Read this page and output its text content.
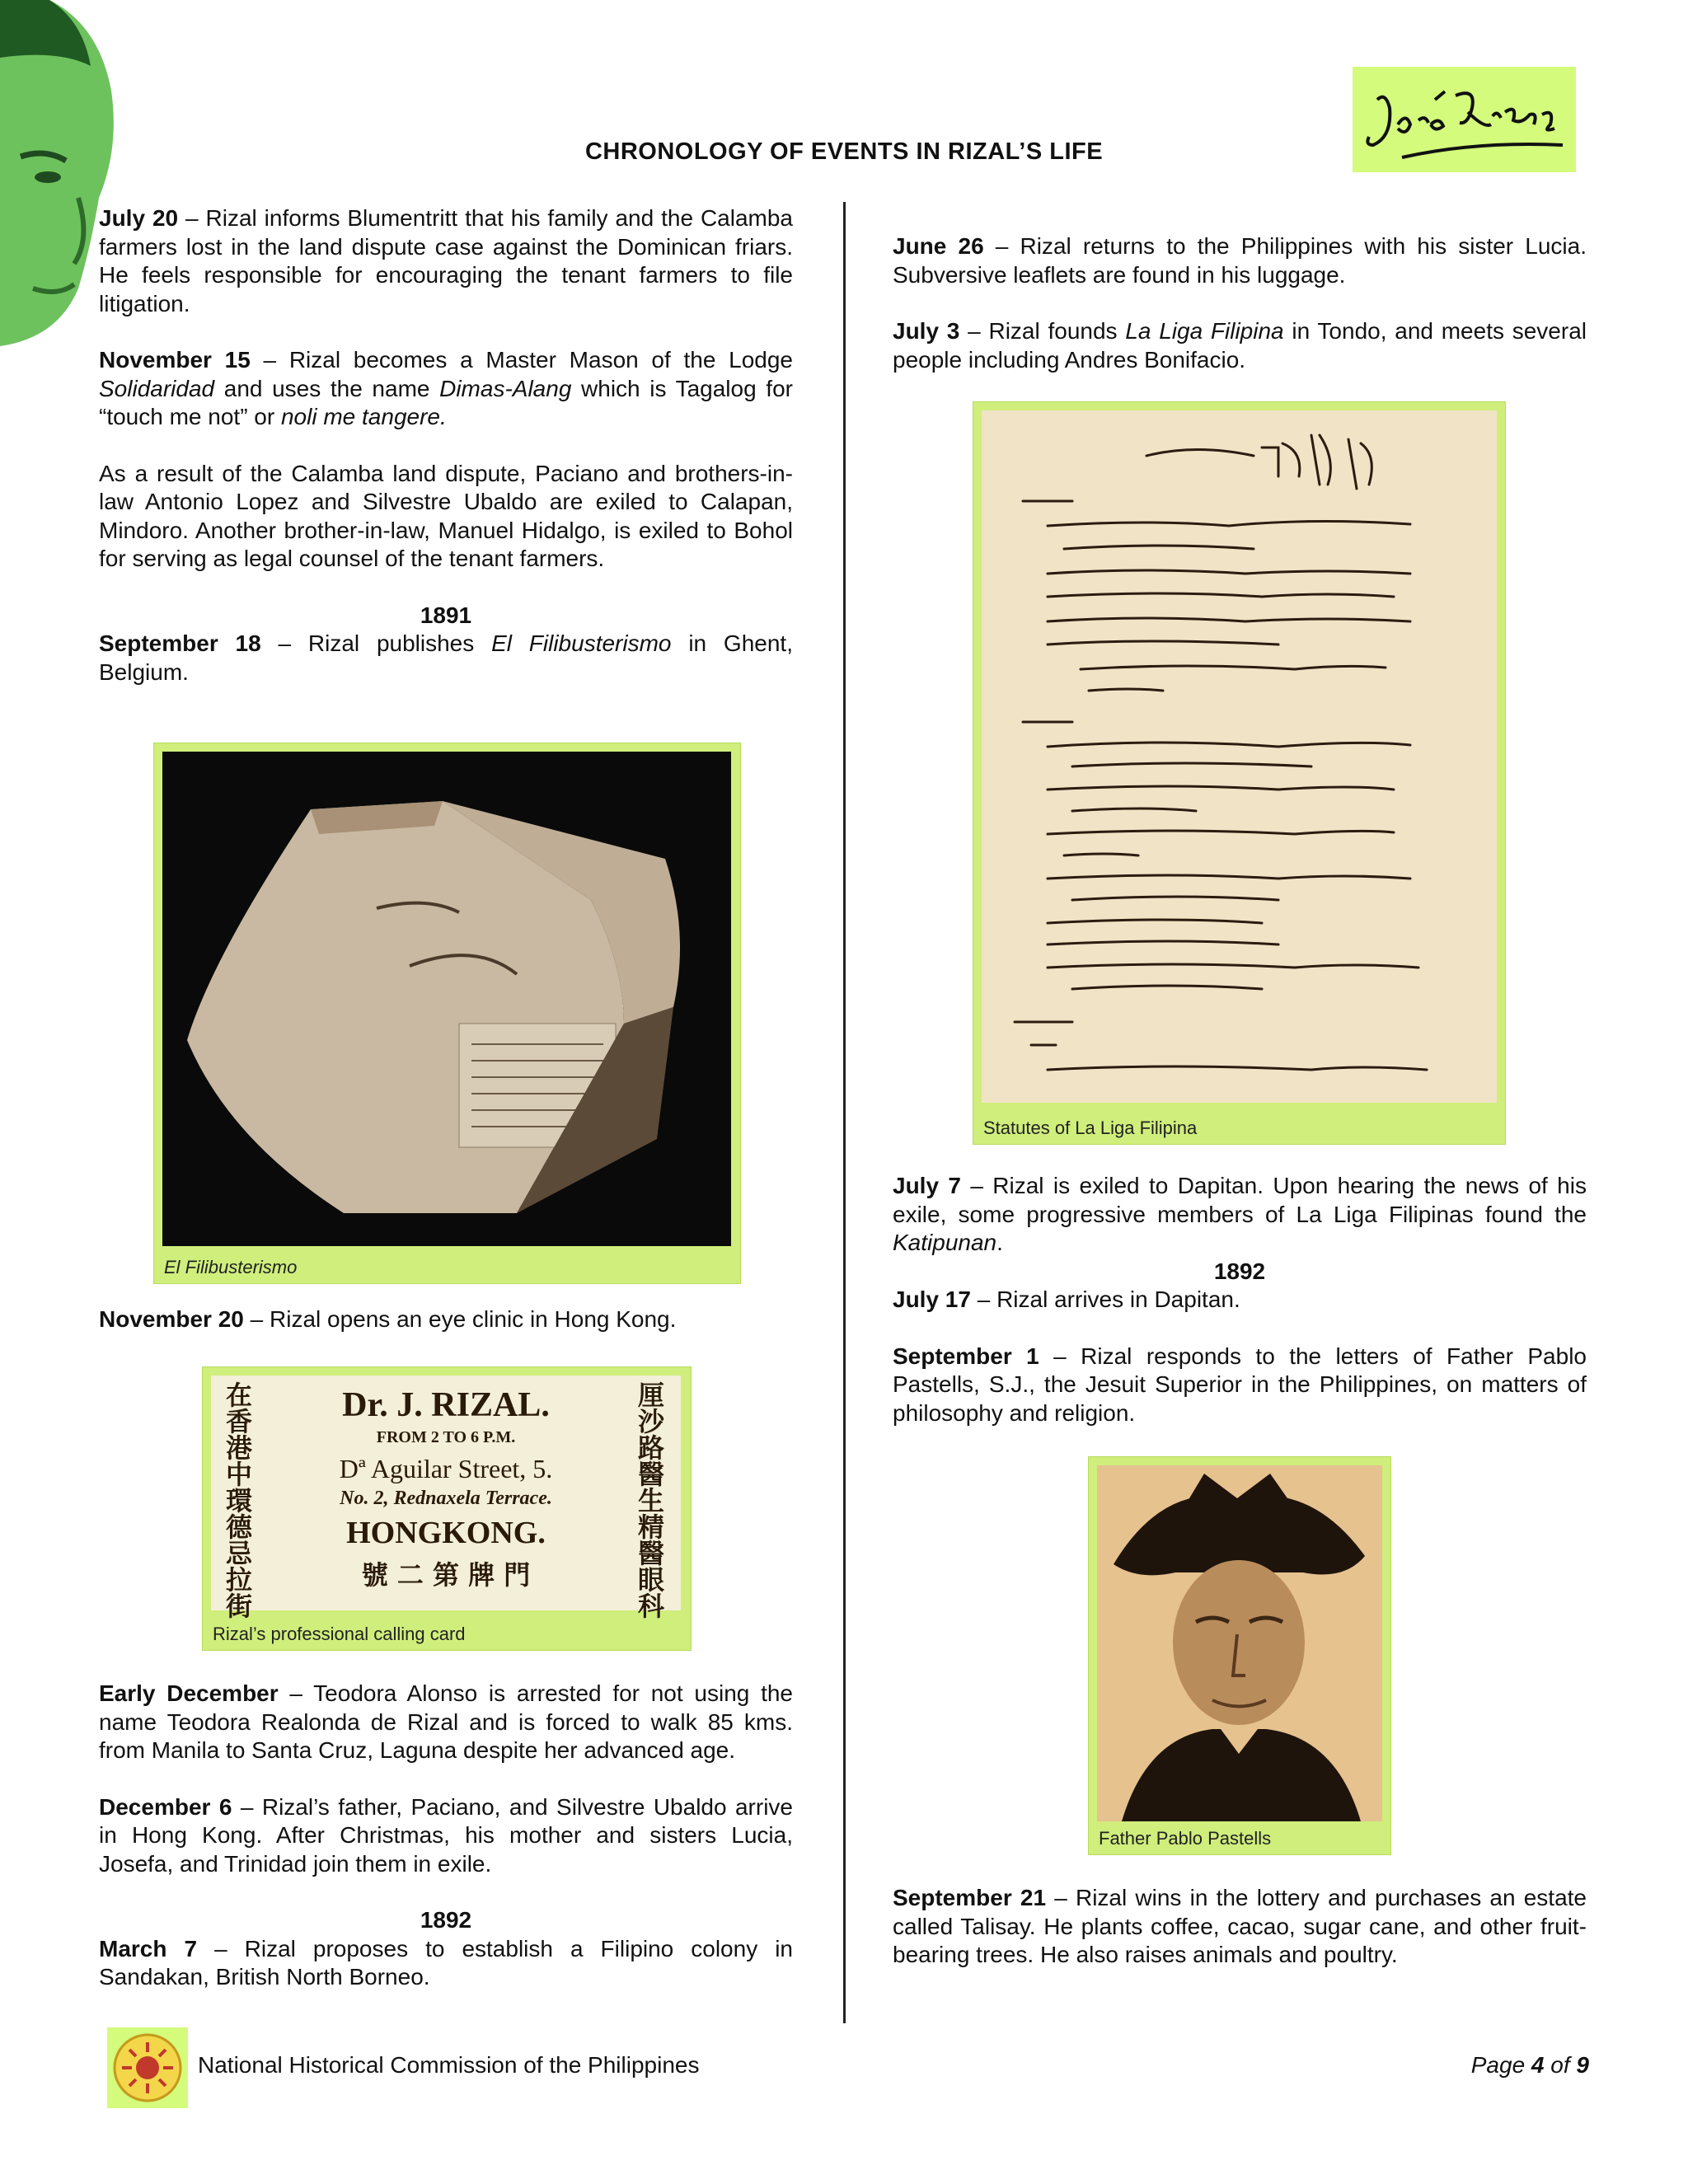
CHRONOLOGY OF EVENTS IN RIZAL’S LIFE

July 20 – Rizal informs Blumentritt that his family and the Calamba farmers lost in the land dispute case against the Dominican friars. He feels responsible for encouraging the tenant farmers to file litigation.

November 15 – Rizal becomes a Master Mason of the Lodge Solidaridad and uses the name Dimas-Alang which is Tagalog for “touch me not” or noli me tangere.

As a result of the Calamba land dispute, Paciano and brothers-in-law Antonio Lopez and Silvestre Ubaldo are exiled to Calapan, Mindoro. Another brother-in-law, Manuel Hidalgo, is exiled to Bohol for serving as legal counsel of the tenant farmers.

1891

September 18 – Rizal publishes El Filibusterismo in Ghent, Belgium.

El Filibusterismo

November 20 – Rizal opens an eye clinic in Hong Kong.

在香港中環德忌拉街
厘沙路醫生精醫眼科
Dr. J. RIZAL.
FROM 2 TO 6 P.M.
Dª Aguilar Street, 5.
No. 2, Rednaxela Terrace.
HONGKONG.
號 二 第 牌 門
Rizal’s professional calling card

Early December – Teodora Alonso is arrested for not using the name Teodora Realonda de Rizal and is forced to walk 85 kms. from Manila to Santa Cruz, Laguna despite her advanced age.

December 6 – Rizal’s father, Paciano, and Silvestre Ubaldo arrive in Hong Kong. After Christmas, his mother and sisters Lucia, Josefa, and Trinidad join them in exile.

1892

March 7 – Rizal proposes to establish a Filipino colony in Sandakan, British North Borneo.

June 26 – Rizal returns to the Philippines with his sister Lucia. Subversive leaflets are found in his luggage.

July 3 – Rizal founds La Liga Filipina in Tondo, and meets several people including Andres Bonifacio.

Statutes of La Liga Filipina

July 7 – Rizal is exiled to Dapitan. Upon hearing the news of his exile, some progressive members of La Liga Filipinas found the Katipunan.

1892

July 17 – Rizal arrives in Dapitan.

September 1 – Rizal responds to the letters of Father Pablo Pastells, S.J., the Jesuit Superior in the Philippines, on matters of philosophy and religion.

Father Pablo Pastells

September 21 – Rizal wins in the lottery and purchases an estate called Talisay. He plants coffee, cacao, sugar cane, and other fruit-bearing trees. He also raises animals and poultry.

National Historical Commission of the Philippines	Page 4 of 9
